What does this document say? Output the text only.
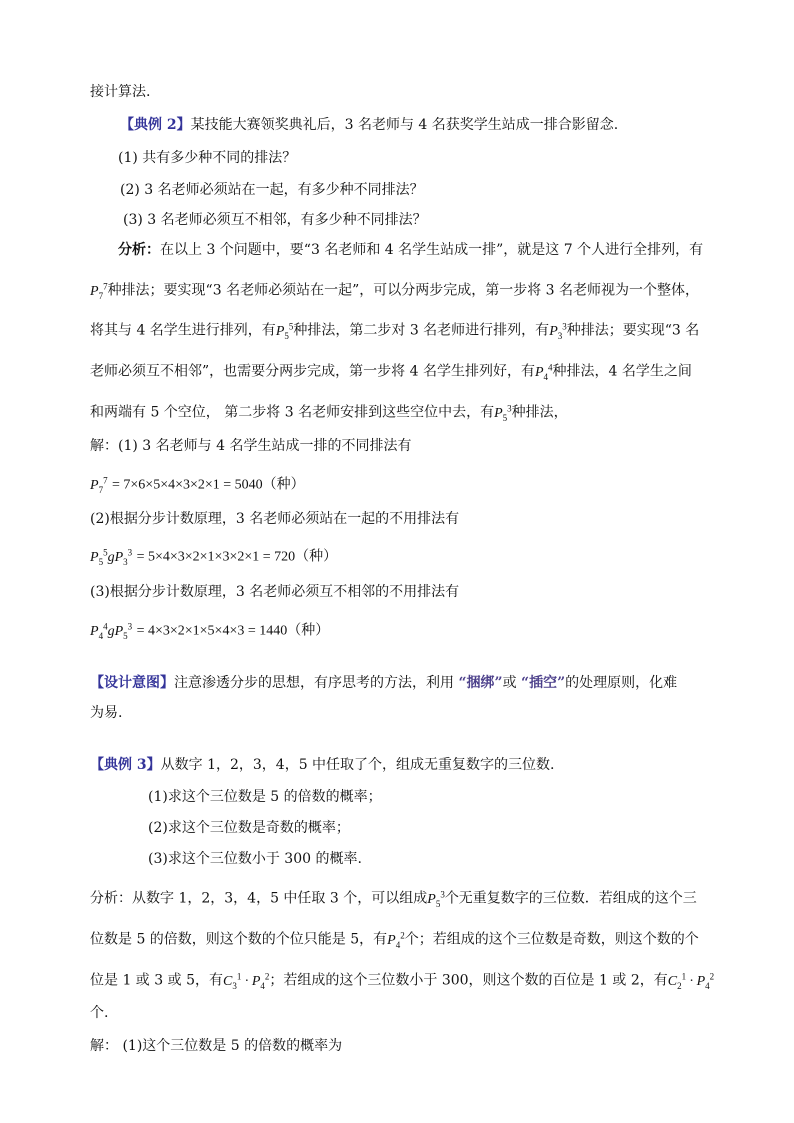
接计算法.
【典例 2】某技能大赛领奖典礼后，3 名老师与 4 名获奖学生站成一排合影留念.
(1) 共有多少种不同的排法？
(2) 3 名老师必须站在一起，有多少种不同排法？
(3) 3 名老师必须互不相邻，有多少种不同排法？
分析：在以上 3 个问题中，要“3 名老师和 4 名学生站成一排”，就是这 7 个人进行全排列，有
$P_7^7$种排法；要实现“3 名老师必须站在一起”，可以分两步完成，第一步将 3 名老师视为一个整体，
将其与 4 名学生进行排列，有$P_5^5$种排法，第二步对 3 名老师进行排列，有$P_3^3$种排法；要实现“3 名
老师必须互不相邻”，也需要分两步完成，第一步将 4 名学生排列好，有$P_4^4$种排法，4 名学生之间
和两端有 5 个空位， 第二步将 3 名老师安排到这些空位中去，有$P_5^3$种排法，
解：(1) 3 名老师与 4 名学生站成一排的不同排法有
$P_7^7 = 7\times 6\times 5\times 4\times 3\times 2\times 1 = 5040$（种）
(2)根据分步计数原理，3 名老师必须站在一起的不用排法有
$P_5^5gP_3^3 = 5\times 4\times 3\times 2\times 1\times 3\times 2\times 1 = 720$（种）
(3)根据分步计数原理，3 名老师必须互不相邻的不用排法有
$P_4^4gP_5^3 = 4\times 3\times 2\times 1\times 5\times 4\times 3 = 1440$（种）
【设计意图】注意渗透分步的思想，有序思考的方法，利用 “捆绑”或 “插空”的处理原则，化难
为易.
【典例 3】从数字 1，2，3，4，5 中任取了个，组成无重复数字的三位数.
(1)求这个三位数是 5 的倍数的概率；
(2)求这个三位数是奇数的概率；
(3)求这个三位数小于 300 的概率.
分析：从数字 1，2，3，4，5 中任取 3 个，可以组成$P_5^3$个无重复数字的三位数．若组成的这个三
位数是 5 的倍数，则这个数的个位只能是 5，有$P_4^2$个；若组成的这个三位数是奇数，则这个数的个
位是 1 或 3 或 5，有$C_3^1 \cdot P_4^2$；若组成的这个三位数小于 300，则这个数的百位是 1 或 2，有$C_2^1 \cdot P_4^2$
个.
解： (1)这个三位数是 5 的倍数的概率为
